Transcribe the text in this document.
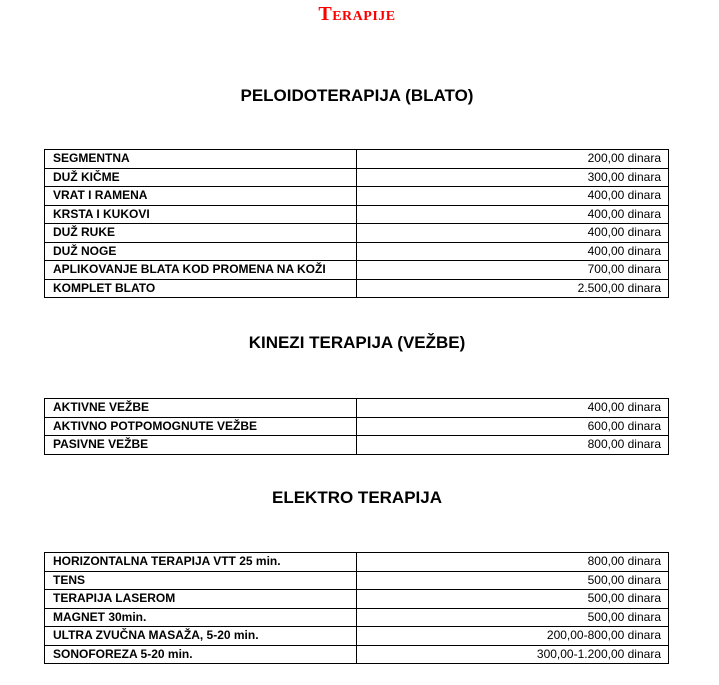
Terapije
PELOIDOTERAPIJA (BLATO)
SEGMENTNA	200,00 dinara
DUŽ KIČME	300,00 dinara
VRAT I RAMENA	400,00 dinara
KRSTA I KUKOVI	400,00 dinara
DUŽ RUKE	400,00 dinara
DUŽ NOGE	400,00 dinara
APLIKOVANJE BLATA KOD PROMENA NA KOŽI	700,00 dinara
KOMPLET BLATO	2.500,00 dinara
KINEZI TERAPIJA (VEŽBE)
AKTIVNE VEŽBE	400,00 dinara
AKTIVNO POTPOMOGNUTE VEŽBE	600,00 dinara
PASIVNE VEŽBE	800,00 dinara
ELEKTRO TERAPIJA
HORIZONTALNA TERAPIJA VTT 25 min.	800,00 dinara
TENS	500,00 dinara
TERAPIJA LASEROM	500,00 dinara
MAGNET 30min.	500,00 dinara
ULTRA ZVUČNA MASAŽA, 5-20 min.	200,00-800,00 dinara
SONOFOREZA 5-20 min.	300,00-1.200,00 dinara
